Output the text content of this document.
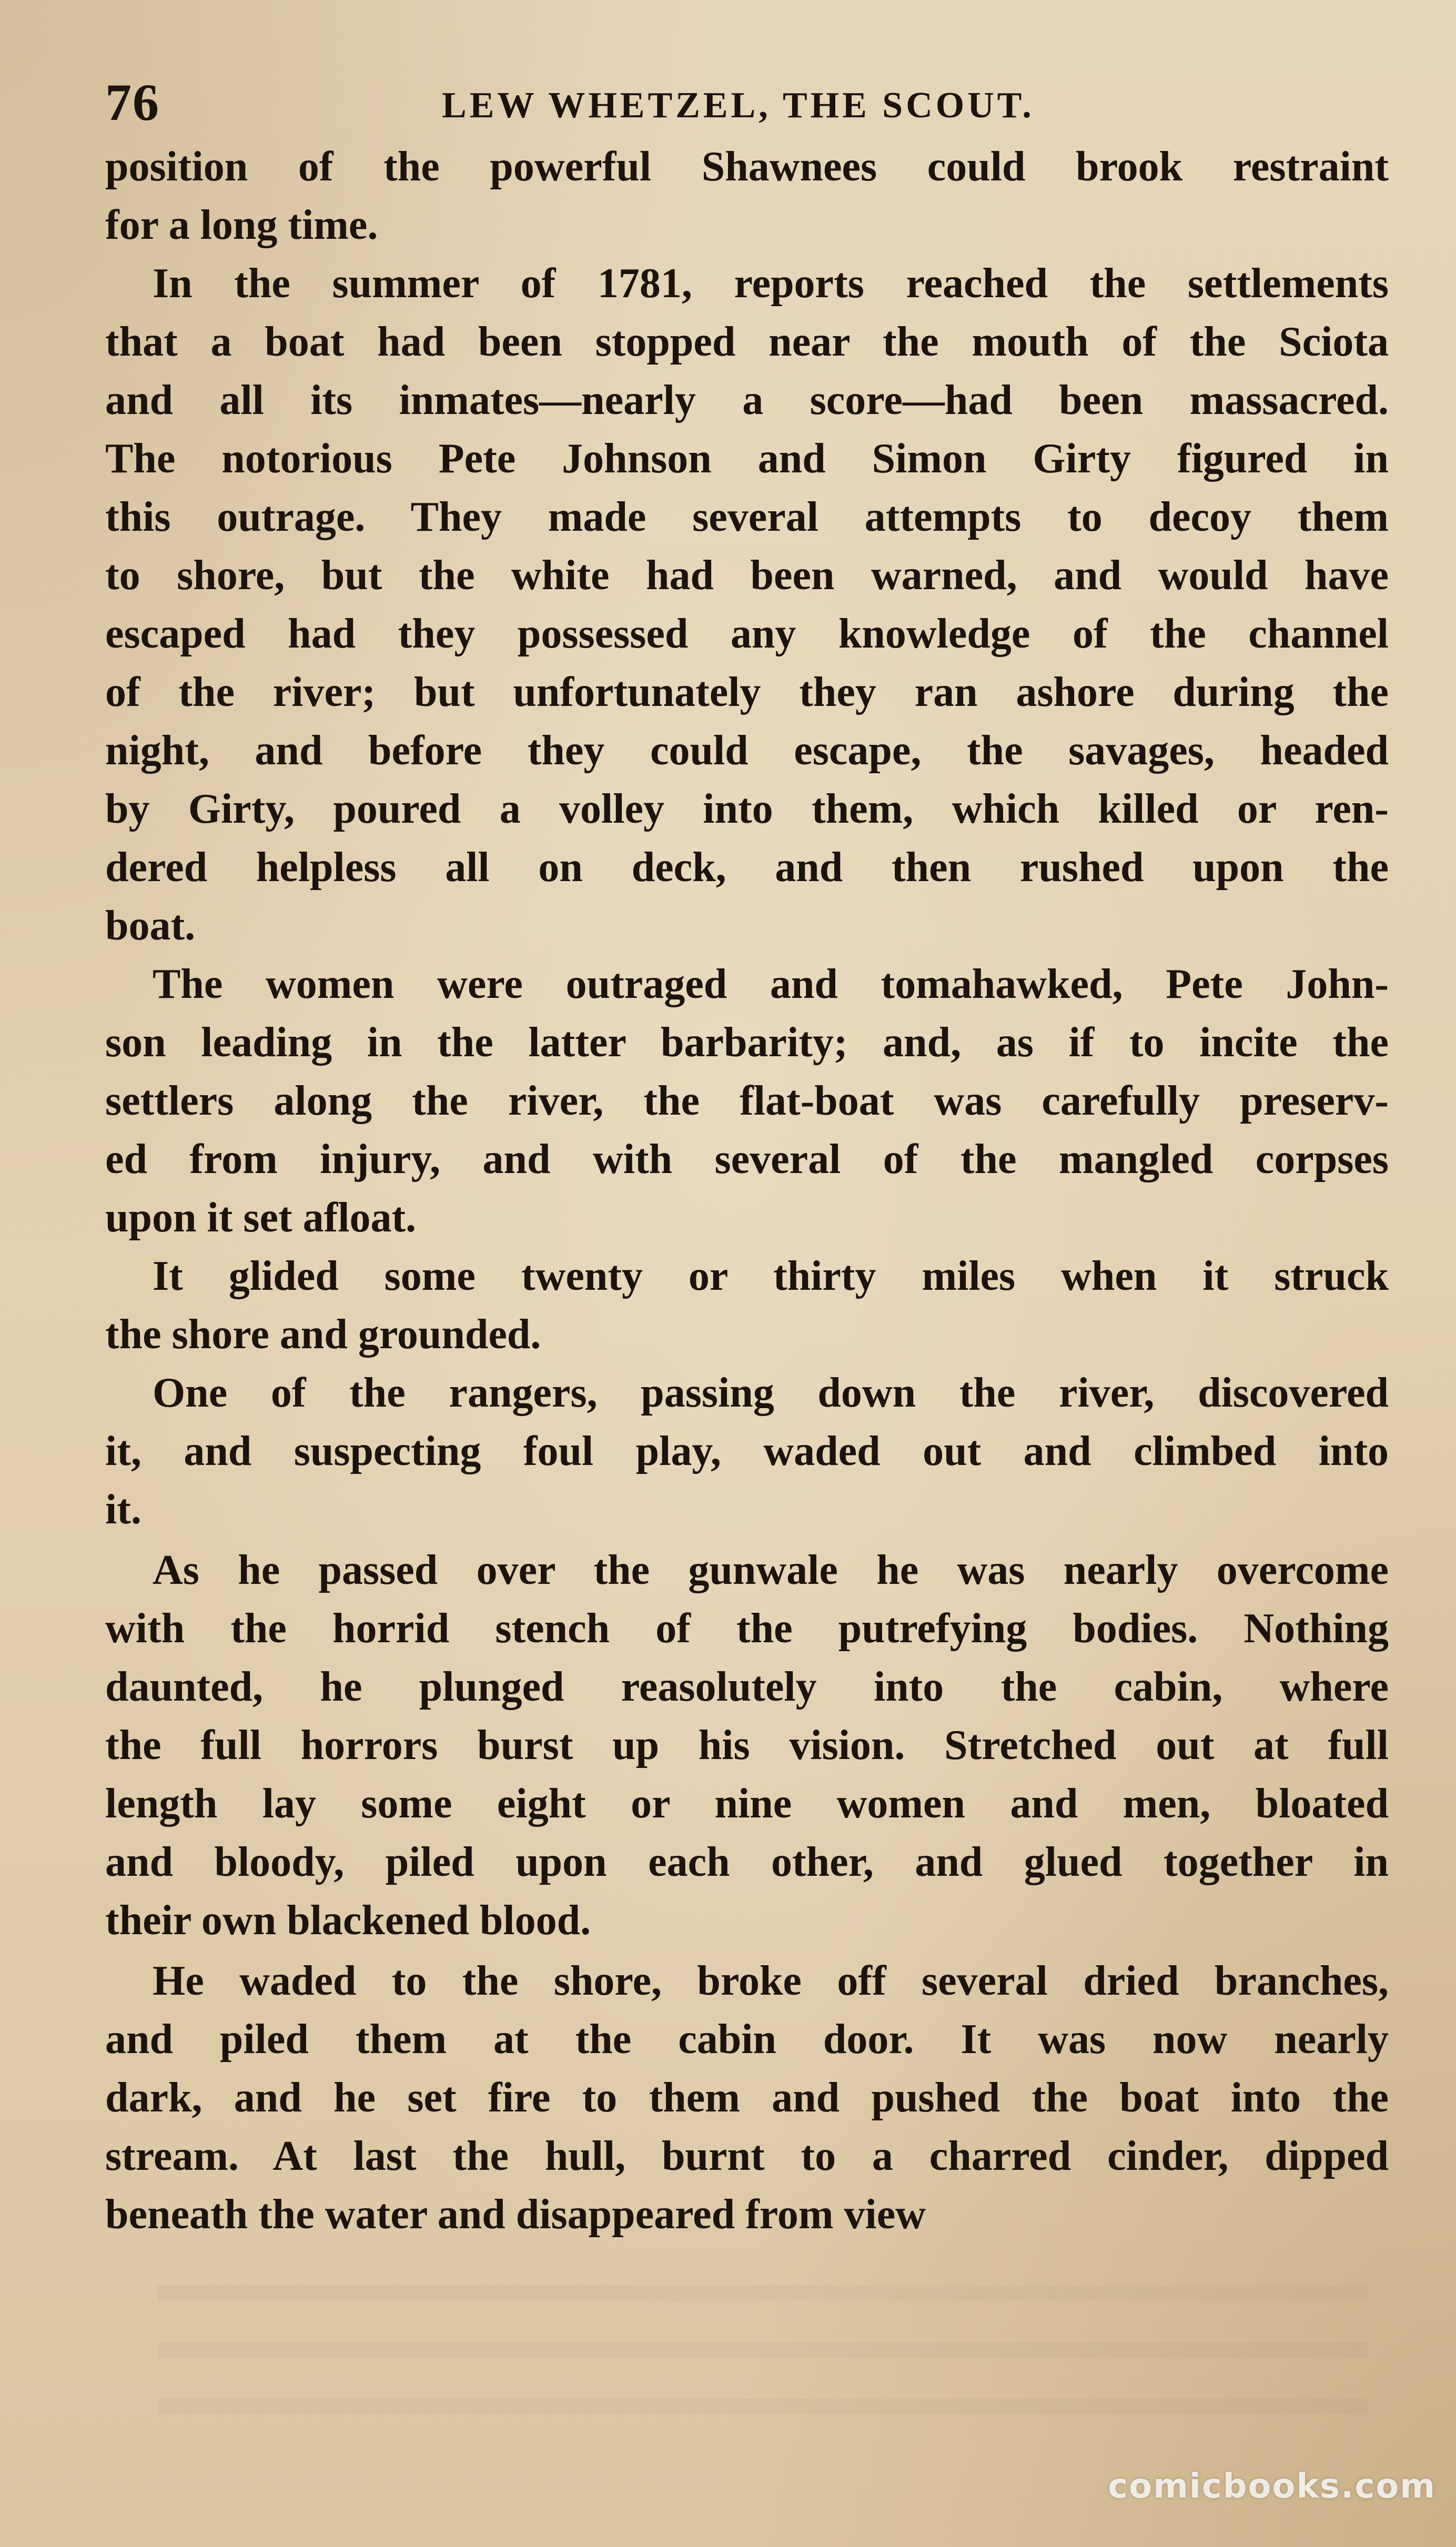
76	LEW WHETZEL, THE SCOUT.
position of the powerful Shawnees could brook restraint
for a long time.
In the summer of 1781, reports reached the settlements
that a boat had been stopped near the mouth of the Sciota
and all its inmates—nearly a score—had been massacred.
The notorious Pete Johnson and Simon Girty figured in
this outrage. They made several attempts to decoy them
to shore, but the white had been warned, and would have
escaped had they possessed any knowledge of the channel
of the river; but unfortunately they ran ashore during the
night, and before they could escape, the savages, headed
by Girty, poured a volley into them, which killed or ren-
dered helpless all on deck, and then rushed upon the
boat.
The women were outraged and tomahawked, Pete John-
son leading in the latter barbarity; and, as if to incite the
settlers along the river, the flat-boat was carefully preserv-
ed from injury, and with several of the mangled corpses
upon it set afloat.
It glided some twenty or thirty miles when it struck
the shore and grounded.
One of the rangers, passing down the river, discovered
it, and suspecting foul play, waded out and climbed into
it.
As he passed over the gunwale he was nearly overcome
with the horrid stench of the putrefying bodies. Nothing
daunted, he plunged reasolutely into the cabin, where
the full horrors burst up his vision. Stretched out at full
length lay some eight or nine women and men, bloated
and bloody, piled upon each other, and glued together in
their own blackened blood.
He waded to the shore, broke off several dried branches,
and piled them at the cabin door. It was now nearly
dark, and he set fire to them and pushed the boat into the
stream. At last the hull, burnt to a charred cinder, dipped
beneath the water and disappeared from view
comicbooks.com
